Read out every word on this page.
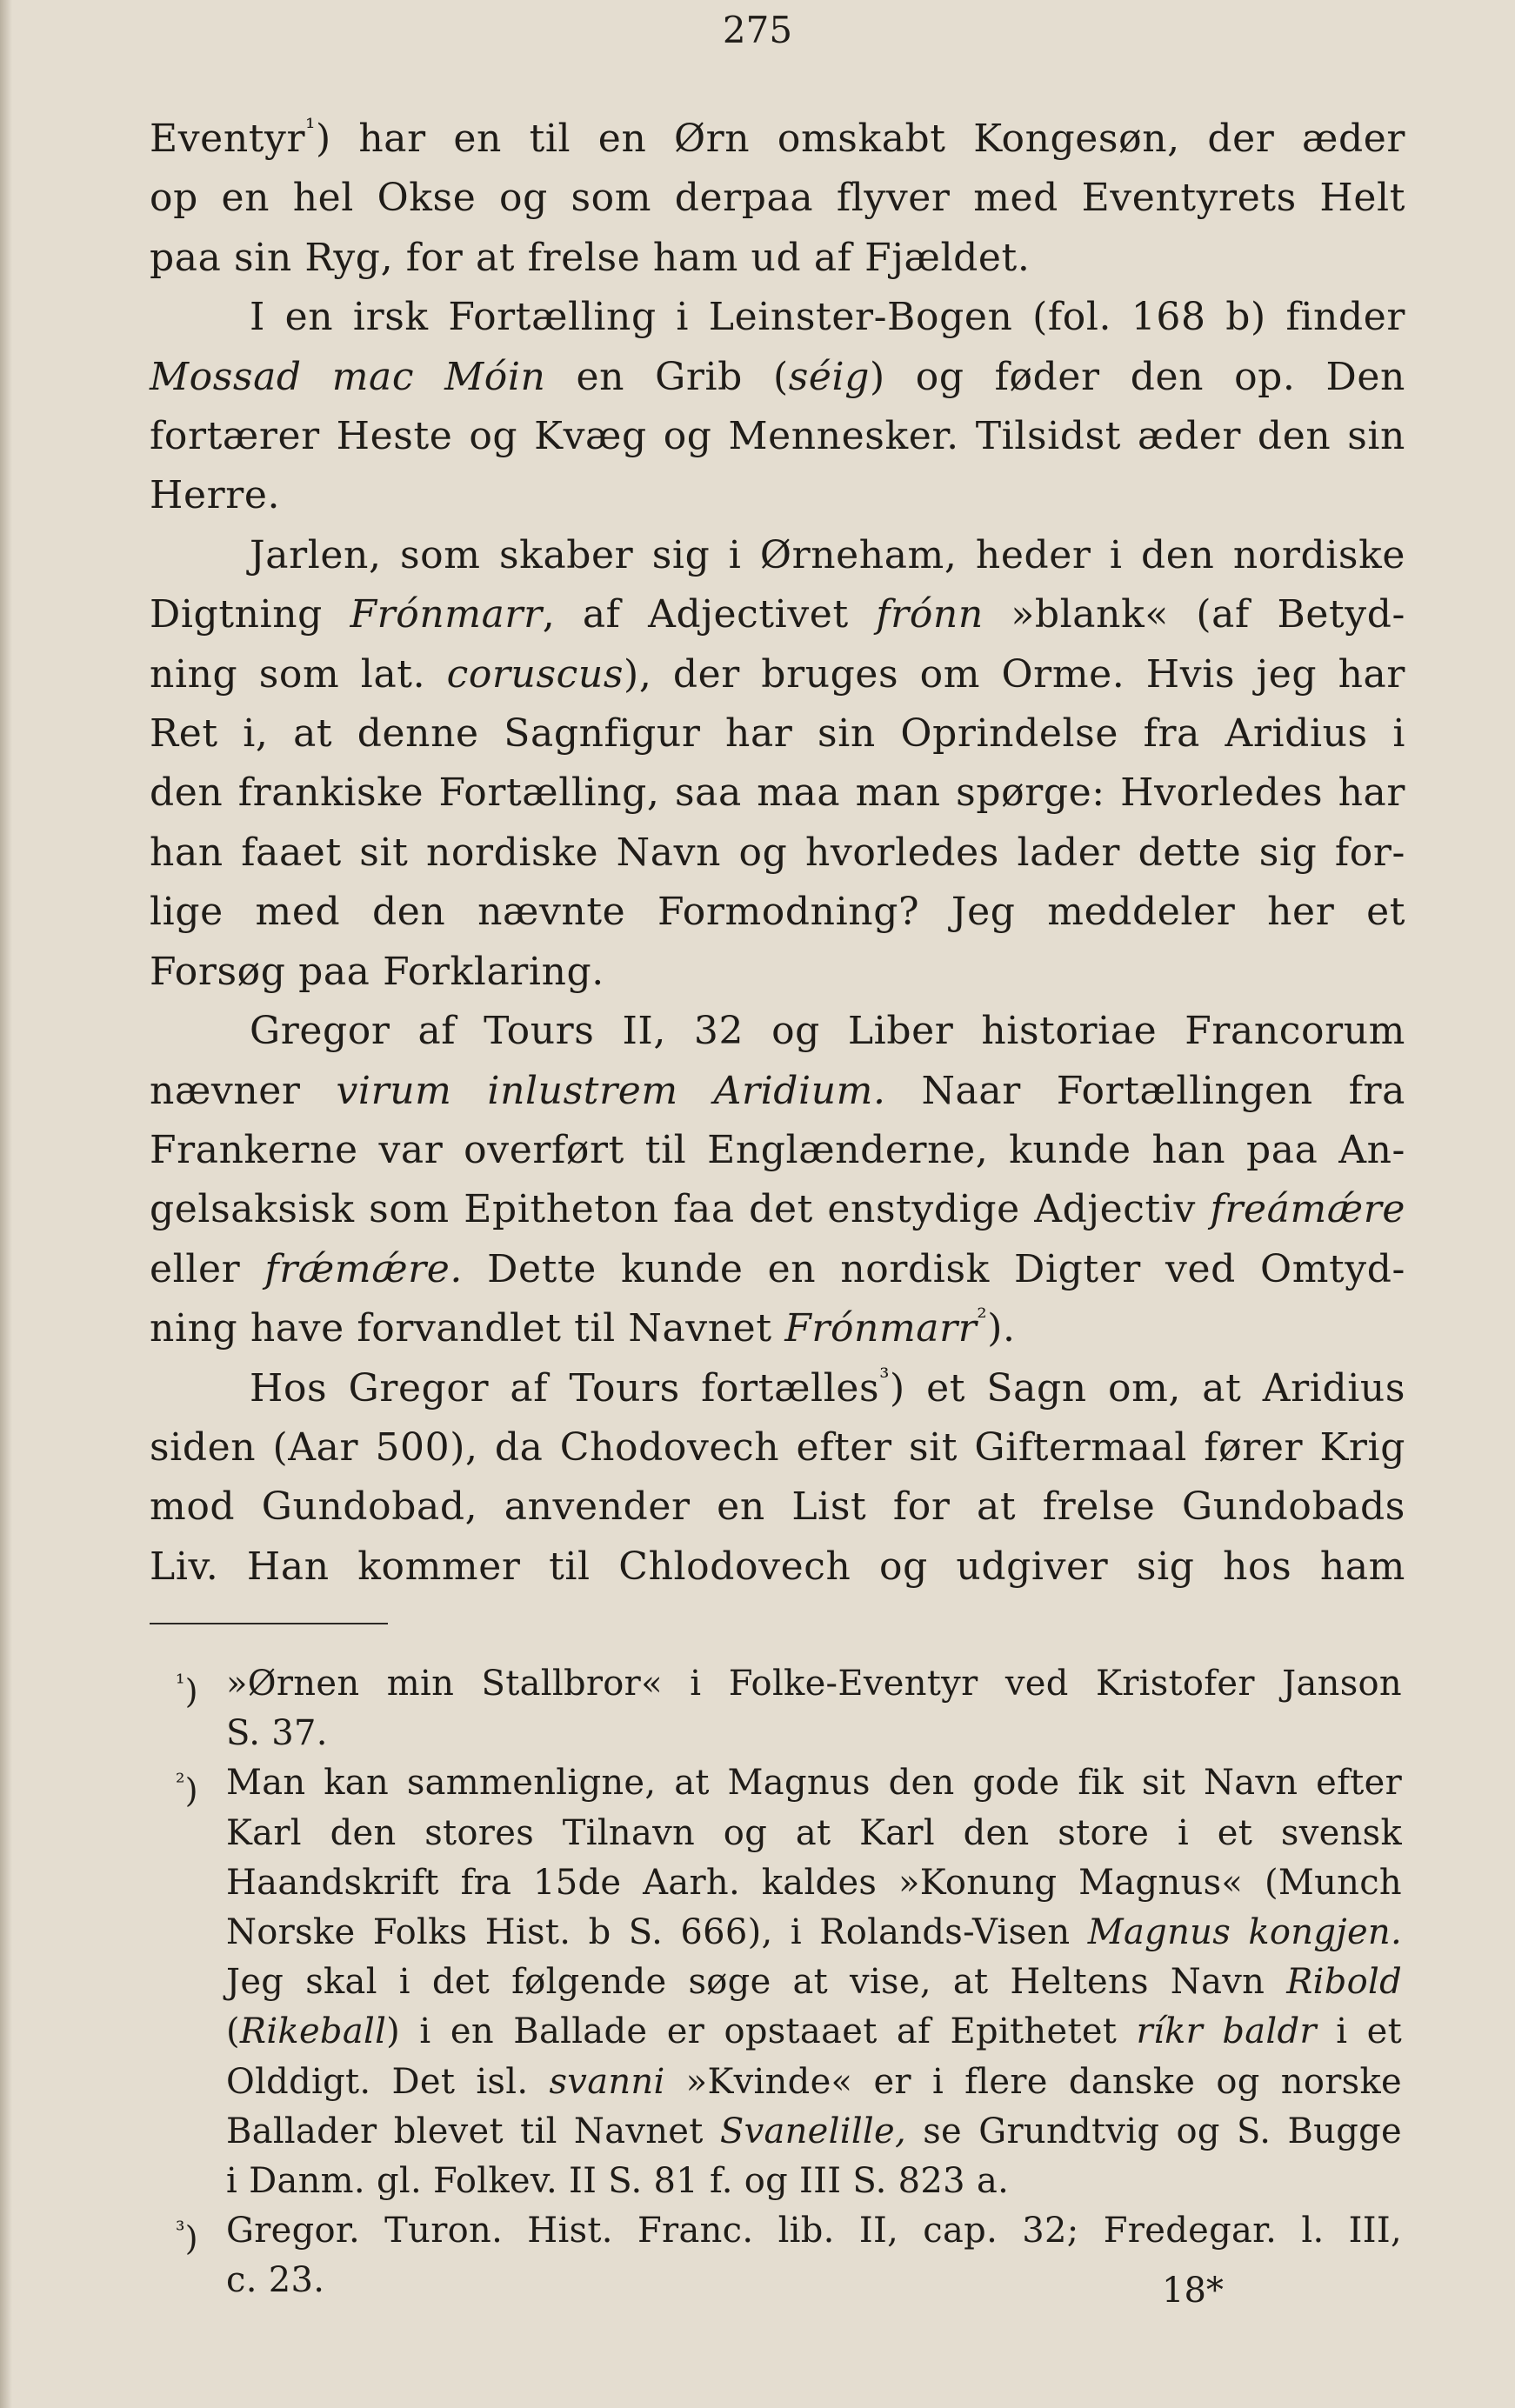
275

Eventyr$^{^1}$) har en til en Ørn omskabt Kongesøn, der æder
op en hel Okse og som derpaa flyver med Eventyrets Helt
paa sin Ryg, for at frelse ham ud af Fjældet.

I en irsk Fortælling i Leinster-Bogen (fol. 168 b) finder
Mossad mac Móin en Grib (séig) og føder den op. Den
fortærer Heste og Kvæg og Mennesker. Tilsidst æder den sin
Herre.

Jarlen, som skaber sig i Ørneham, heder i den nordiske
Digtning Frónmarr, af Adjectivet frónn »blank« (af Betyd-
ning som lat. coruscus), der bruges om Orme. Hvis jeg har
Ret i, at denne Sagnfigur har sin Oprindelse fra Aridius i
den frankiske Fortælling, saa maa man spørge: Hvorledes har
han faaet sit nordiske Navn og hvorledes lader dette sig for-
lige med den nævnte Formodning? Jeg meddeler her et
Forsøg paa Forklaring.

Gregor af Tours II, 32 og Liber historiae Francorum
nævner virum inlustrem Aridium. Naar Fortællingen fra
Frankerne var overført til Englænderne, kunde han paa An-
gelsaksisk som Epitheton faa det enstydige Adjectiv freámǽre
eller frǽmǽre. Dette kunde en nordisk Digter ved Omtyd-
ning have forvandlet til Navnet Frónmarr$^{^2}$).

Hos Gregor af Tours fortælles$^{^3}$) et Sagn om, at Aridius
siden (Aar 500), da Chodovech efter sit Giftermaal fører Krig
mod Gundobad, anvender en List for at frelse Gundobads
Liv. Han kommer til Chlodovech og udgiver sig hos ham

$^{^1}$) »Ørnen min Stallbror« i Folke-Eventyr ved Kristofer Janson
S. 37.
$^{^2}$) Man kan sammenligne, at Magnus den gode fik sit Navn efter
Karl den stores Tilnavn og at Karl den store i et svensk
Haandskrift fra 15de Aarh. kaldes »Konung Magnus« (Munch
Norske Folks Hist. b S. 666), i Rolands-Visen Magnus kongjen.
Jeg skal i det følgende søge at vise, at Heltens Navn Ribold
(Rikeball) i en Ballade er opstaaet af Epithetet ríkr baldr i et
Olddigt. Det isl. svanni »Kvinde« er i flere danske og norske
Ballader blevet til Navnet Svanelille, se Grundtvig og S. Bugge
i Danm. gl. Folkev. II S. 81 f. og III S. 823 a.
$^{^3}$) Gregor. Turon. Hist. Franc. lib. II, cap. 32; Fredegar. l. III,
c. 23.	18*
